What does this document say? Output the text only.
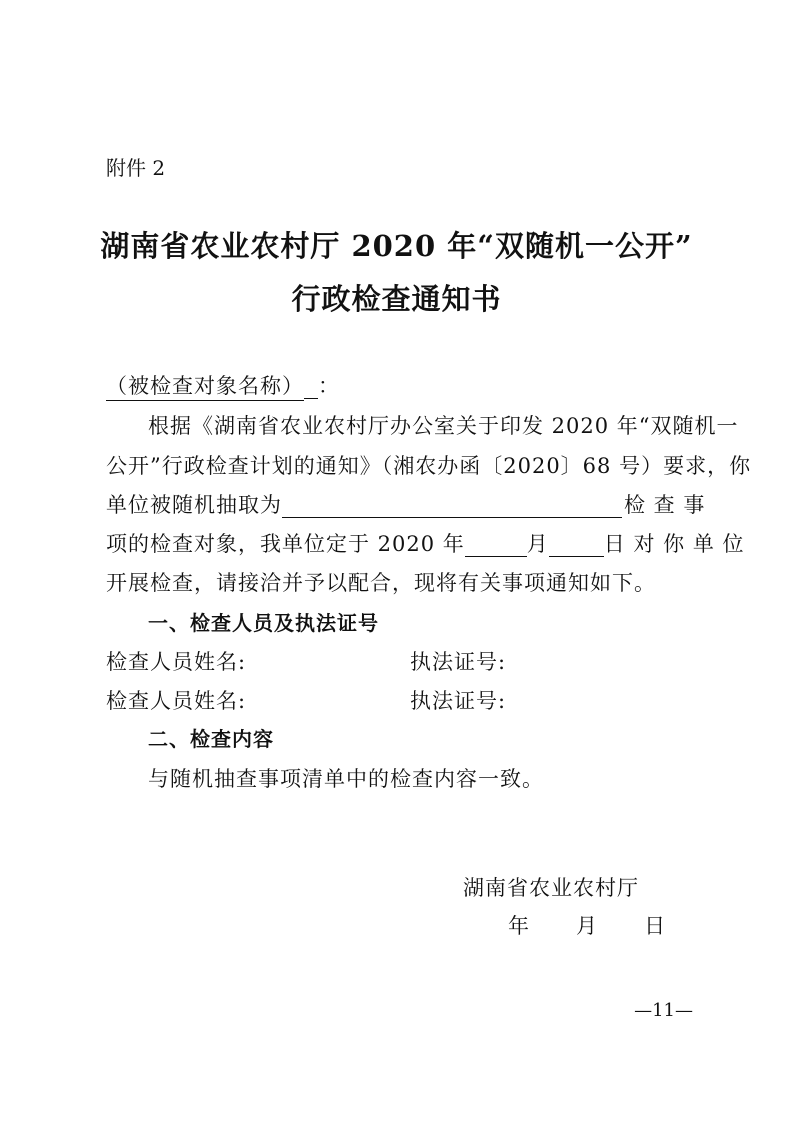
附件 2
湖南省农业农村厅 2020 年“双随机一公开”
行政检查通知书
（被检查对象名称） ：
根据《湖南省农业农村厅办公室关于印发 2020 年“双随机一
公开”行政检查计划的通知》（湘农办函〔2020〕68 号）要求，你
单位被随机抽取为	检 查 事
项的检查对象，我单位定于 2020 年	月	日 对 你 单 位
开展检查，请接洽并予以配合，现将有关事项通知如下。
一、检查人员及执法证号
检查人员姓名:	执法证号:
检查人员姓名:	执法证号:
二、检查内容
与随机抽查事项清单中的检查内容一致。
湖南省农业农村厅
年      月      日
—11—
